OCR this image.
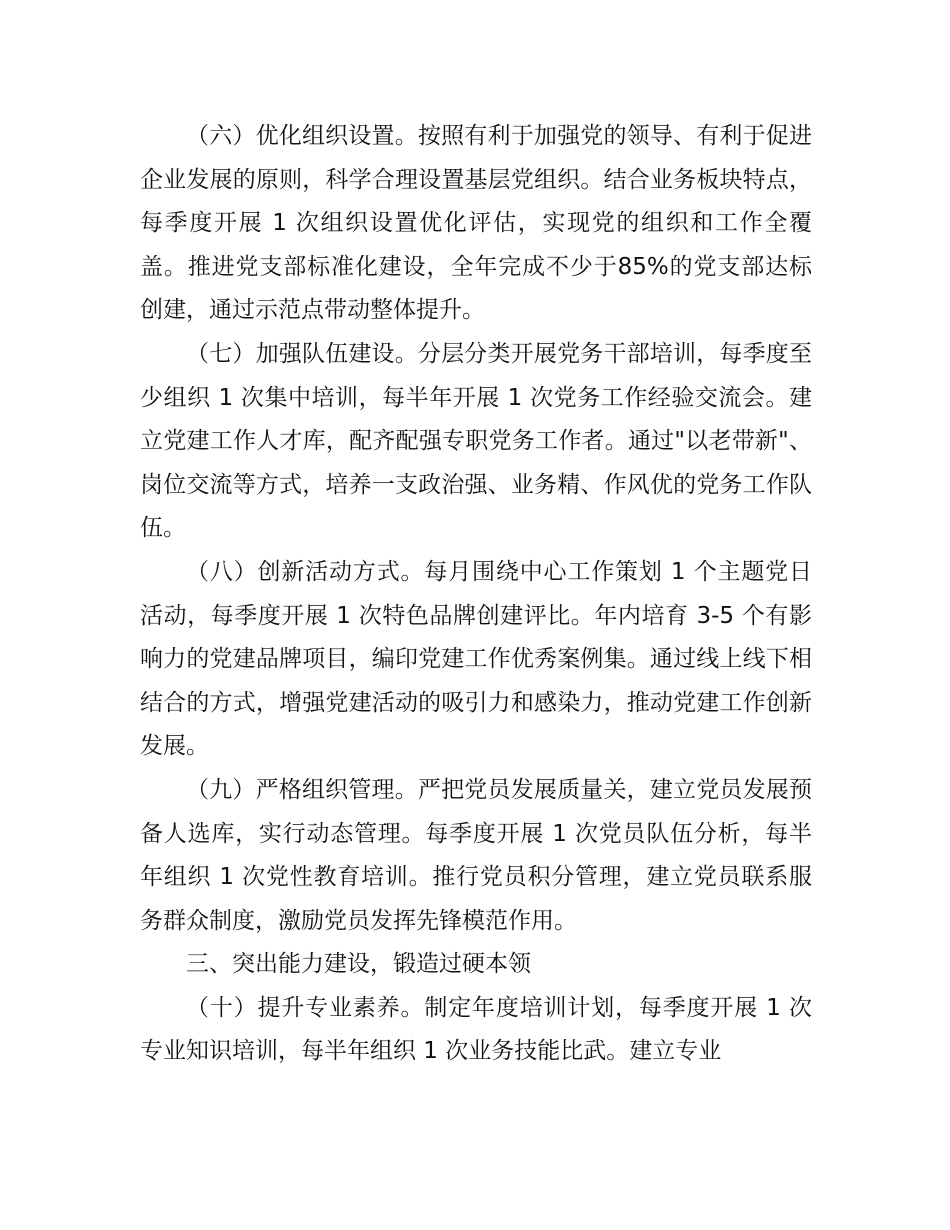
（六）优化组织设置。按照有利于加强党的领导、有利于促进企业发展的原则，科学合理设置基层党组织。结合业务板块特点，每季度开展 1 次组织设置优化评估，实现党的组织和工作全覆盖。推进党支部标准化建设，全年完成不少于85%的党支部达标创建，通过示范点带动整体提升。

（七）加强队伍建设。分层分类开展党务干部培训，每季度至少组织 1 次集中培训，每半年开展 1 次党务工作经验交流会。建立党建工作人才库，配齐配强专职党务工作者。通过"以老带新"、岗位交流等方式，培养一支政治强、业务精、作风优的党务工作队伍。

（八）创新活动方式。每月围绕中心工作策划 1 个主题党日活动，每季度开展 1 次特色品牌创建评比。年内培育 3-5 个有影响力的党建品牌项目，编印党建工作优秀案例集。通过线上线下相结合的方式，增强党建活动的吸引力和感染力，推动党建工作创新发展。

（九）严格组织管理。严把党员发展质量关，建立党员发展预备人选库，实行动态管理。每季度开展 1 次党员队伍分析，每半年组织 1 次党性教育培训。推行党员积分管理，建立党员联系服务群众制度，激励党员发挥先锋模范作用。

三、突出能力建设，锻造过硬本领

（十）提升专业素养。制定年度培训计划，每季度开展 1 次专业知识培训，每半年组织 1 次业务技能比武。建立专业
